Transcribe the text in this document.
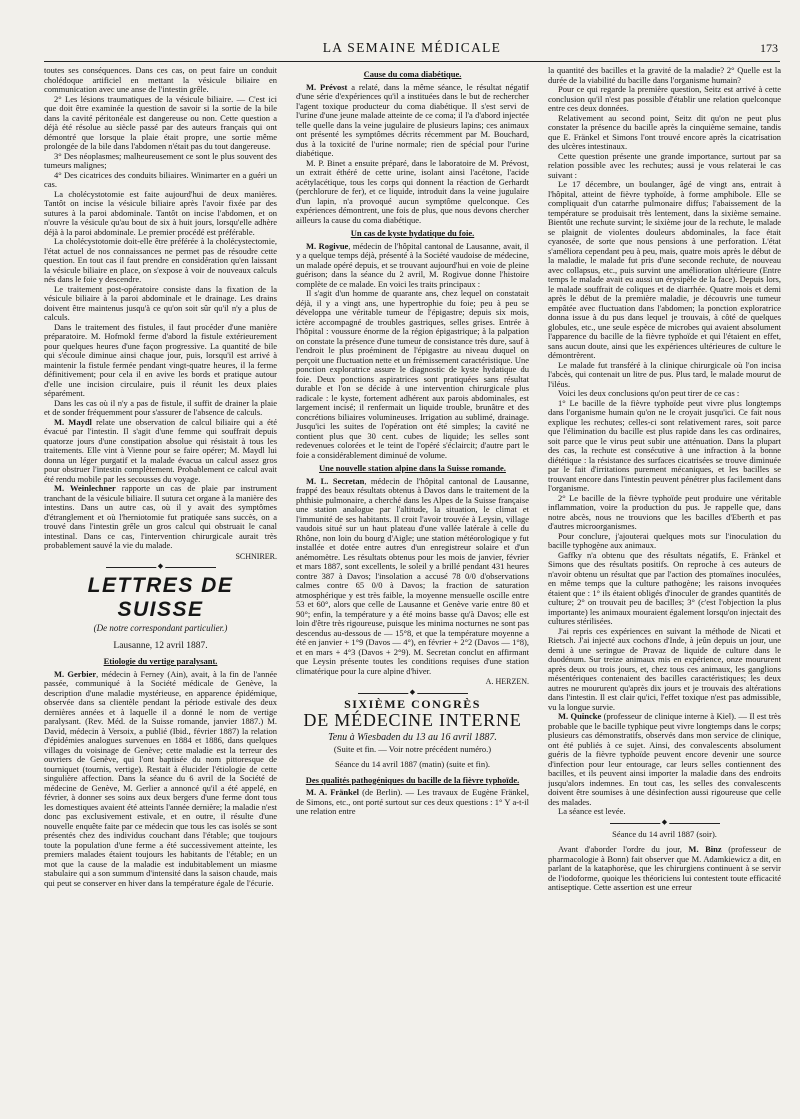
LA SEMAINE MÉDICALE	173

toutes ses conséquences. Dans ces cas, on peut faire un conduit cholédoque artificiel en mettant la vésicule biliaire en communication avec une anse de l'intestin grêle.

2° Les lésions traumatiques de la vésicule biliaire. — C'est ici que doit être examinée la question de savoir si la sortie de la bile dans la cavité péritonéale est dangereuse ou non. Cette question a déjà été résolue au siècle passé par des auteurs français qui ont démontré que lorsque la plaie était propre, une sortie même prolongée de la bile dans l'abdomen n'était pas du tout dangereuse.

3° Des néoplasmes; malheureusement ce sont le plus souvent des tumeurs malignes;

4° Des cicatrices des conduits biliaires. Winimarter en a guéri un cas.

La cholécystotomie est faite aujourd'hui de deux manières. Tantôt on incise la vésicule biliaire après l'avoir fixée par des sutures à la paroi abdominale. Tantôt on incise l'abdomen, et on n'ouvre la vésicule qu'au bout de six à huit jours, lorsqu'elle adhère déjà à la paroi abdominale. Le premier procédé est préférable.

La cholécystotomie doit-elle être préférée à la cholécystectomie, l'état actuel de nos connaissances ne permet pas de résoudre cette question. En tout cas il faut prendre en considération qu'en laissant la vésicule biliaire en place, on s'expose à voir de nouveaux calculs nés dans le foie y descendre.

Le traitement post-opératoire consiste dans la fixation de la vésicule biliaire à la paroi abdominale et le drainage. Les drains doivent être maintenus jusqu'à ce qu'on soit sûr qu'il n'y a plus de calculs.

Dans le traitement des fistules, il faut procéder d'une manière préparatoire. M. Hofmokl ferme d'abord la fistule extérieurement pour quelques heures d'une façon progressive. La quantité de bile qui s'écoule diminue ainsi chaque jour, puis, lorsqu'il est arrivé à maintenir la fistule fermée pendant vingt-quatre heures, il la ferme définitivement; pour cela il en avive les bords et pratique autour d'elle une incision circulaire, puis il réunit les deux plaies séparément.

Dans les cas où il n'y a pas de fistule, il suffit de drainer la plaie et de sonder fréquemment pour s'assurer de l'absence de calculs.

M. Maydl relate une observation de calcul biliaire qui a été évacué par l'intestin. Il s'agit d'une femme qui souffrait depuis quatorze jours d'une constipation absolue qui résistait à tous les traitements. Elle vint à Vienne pour se faire opérer; M. Maydl lui donna un léger purgatif et la malade évacua un calcul assez gros pour obstruer l'intestin complètement. Probablement ce calcul avait été rendu mobile par les secousses du voyage.

M. Weinlechner rapporte un cas de plaie par instrument tranchant de la vésicule biliaire. Il sutura cet organe à la manière des intestins. Dans un autre cas, où il y avait des symptômes d'étranglement et où l'herniotomie fut pratiquée sans succès, on a trouvé dans l'intestin grêle un gros calcul qui obstruait le canal intestinal. Dans ce cas, l'intervention chirurgicale aurait très probablement sauvé la vie du malade.

SCHNIRER.
◆
LETTRES DE SUISSE
(De notre correspondant particulier.)
Lausanne, 12 avril 1887.
Etiologie du vertige paralysant.

M. Gerbier, médecin à Ferney (Ain), avait, à la fin de l'année passée, communiqué à la Société médicale de Genève, la description d'une maladie mystérieuse, en apparence épidémique, observée dans sa clientèle pendant la période estivale des deux dernières années et à laquelle il a donné le nom de vertige paralysant. (Rev. Méd. de la Suisse romande, janvier 1887.) M. David, médecin à Versoix, a publié (Ibid., février 1887) la relation d'épidémies analogues survenues en 1884 et 1886, dans quelques villages du voisinage de Genève; cette maladie est la terreur des ouvriers de Genève, qui l'ont baptisée du nom pittoresque de tourniquet (tournis, vertige). Restait à élucider l'étiologie de cette singulière affection. Dans la séance du 6 avril de la Société de médecine de Genève, M. Gerlier a annoncé qu'il a été appelé, en février, à donner ses soins aux deux bergers d'une ferme dont tous les domestiques avaient été atteints l'année dernière; la maladie n'est donc pas exclusivement estivale, et en outre, il résulte d'une nouvelle enquête faite par ce médecin que tous les cas isolés se sont présentés chez des individus couchant dans l'étable; que toujours toute la population d'une ferme a été successivement atteinte, les premiers malades étaient toujours les habitants de l'étable; en un mot que la cause de la maladie est indubitablement un miasme stabulaire qui a son summum d'intensité dans la saison chaude, mais qui peut se conserver en hiver dans la température égale de l'écurie.

Cause du coma diabétique.

M. Prévost a relaté, dans la même séance, le résultat négatif d'une série d'expériences qu'il a instituées dans le but de rechercher l'agent toxique producteur du coma diabétique. Il s'est servi de l'urine d'une jeune malade atteinte de ce coma; il l'a d'abord injectée telle quelle dans la veine jugulaire de plusieurs lapins; ces animaux ont présenté les symptômes décrits récemment par M. Bouchard, dus à la toxicité de l'urine normale; rien de spécial pour l'urine diabétique.

M. P. Binet a ensuite préparé, dans le laboratoire de M. Prévost, un extrait éthéré de cette urine, isolant ainsi l'acétone, l'acide acétylacétique, tous les corps qui donnent la réaction de Gerhardt (perchlorure de fer), et ce liquide, introduit dans la veine jugulaire d'un lapin, n'a provoqué aucun symptôme quelconque. Ces expériences démontrent, une fois de plus, que nous devons chercher ailleurs la cause du coma diabétique.

Un cas de kyste hydatique du foie.

M. Rogivue, médecin de l'hôpital cantonal de Lausanne, avait, il y a quelque temps déjà, présenté à la Société vaudoise de médecine, un malade opéré depuis, et se trouvant aujourd'hui en voie de pleine guérison; dans la séance du 2 avril, M. Rogivue donne l'histoire complète de ce malade. En voici les traits principaux :

Il s'agit d'un homme de quarante ans, chez lequel on constatait déjà, il y a vingt ans, une hypertrophie du foie; peu à peu se développa une véritable tumeur de l'épigastre; depuis six mois, ictère accompagné de troubles gastriques, selles grises. Entrée à l'hôpital : voussure énorme de la région épigastrique; à la palpation on constate la présence d'une tumeur de consistance très dure, sauf à l'endroit le plus proéminent de l'épigastre au niveau duquel on perçoit une fluctuation nette et un frémissement caractéristique. Une ponction exploratrice assure le diagnostic de kyste hydatique du foie. Deux ponctions aspiratrices sont pratiquées sans résultat durable et l'on se décide à une intervention chirurgicale plus radicale : le kyste, fortement adhérent aux parois abdominales, est largement incisé; il renfermait un liquide trouble, brunâtre et des concrétions biliaires volumineuses. Irrigation au sublimé, drainage. Jusqu'ici les suites de l'opération ont été simples; la cavité ne contient plus que 30 cent. cubes de liquide; les selles sont redevenues colorées et le teint de l'opéré s'éclaircit; d'autre part le foie a considérablement diminué de volume.

Une nouvelle station alpine dans la Suisse romande.

M. L. Secretan, médecin de l'hôpital cantonal de Lausanne, frappé des beaux résultats obtenus à Davos dans le traitement de la phthisie pulmonaire, a cherché dans les Alpes de la Suisse française une station analogue par l'altitude, la situation, le climat et l'immunité de ses habitants. Il croit l'avoir trouvée à Leysin, village vaudois situé sur un haut plateau d'une vallée latérale à celle du Rhône, non loin du bourg d'Aigle; une station météorologique y fut installée et dotée entre autres d'un enregistreur solaire et d'un anémomètre. Les résultats obtenus pour les mois de janvier, février et mars 1887, sont excellents, le soleil y a brillé pendant 431 heures contre 387 à Davos; l'insolation a accusé 78 0/0 d'observations calmes contre 65 0/0 à Davos; la fraction de saturation atmosphérique y est très faible, la moyenne mensuelle oscille entre 53 et 60°, alors que celle de Lausanne et Genève varie entre 80 et 90°; enfin, la température y a été moins basse qu'à Davos; elle est loin d'être très rigoureuse, puisque les minima nocturnes ne sont pas descendus au-dessous de — 15°8, et que la température moyenne a été en janvier + 1°9 (Davos — 4°), en février + 2°2 (Davos — 1°8), et en mars + 4°3 (Davos + 2°9). M. Secretan conclut en affirmant que Leysin présente toutes les conditions requises d'une station climatérique pour la cure alpine d'hiver.

A. HERZEN.
◆
SIXIÈME CONGRÈS
DE MÉDECINE INTERNE
Tenu à Wiesbaden du 13 au 16 avril 1887.
(Suite et fin. — Voir notre précédent numéro.)
Séance du 14 avril 1887 (matin) (suite et fin).
Des qualités pathogéniques du bacille de la fièvre typhoïde.

M. A. Fränkel (de Berlin). — Les travaux de Eugène Fränkel, de Simons, etc., ont porté surtout sur ces deux questions : 1° Y a-t-il une relation entre

la quantité des bacilles et la gravité de la maladie? 2° Quelle est la durée de la viabilité du bacille dans l'organisme humain?

Pour ce qui regarde la première question, Seitz est arrivé à cette conclusion qu'il n'est pas possible d'établir une relation quelconque entre ces deux données.

Relativement au second point, Seitz dit qu'on ne peut plus constater la présence du bacille après la cinquième semaine, tandis que E. Fränkel et Simons l'ont trouvé encore après la cicatrisation des ulcères intestinaux.

Cette question présente une grande importance, surtout par sa relation possible avec les rechutes; aussi je vous relaterai le cas suivant :

Le 17 décembre, un boulanger, âgé de vingt ans, entrait à l'hôpital, atteint de fièvre typhoïde, à forme amphibole. Elle se compliquait d'un catarrhe pulmonaire diffus; l'abaissement de la température se produisait très lentement, dans la sixième semaine. Bientôt une rechute survint; le sixième jour de la rechute, le malade se plaignit de violentes douleurs abdominales, la face était cyanosée, de sorte que nous pensions à une perforation. L'état s'améliora cependant peu à peu, mais, quatre mois après le début de la maladie, le malade fut pris d'une seconde rechute, de nouveau avec collapsus, etc., puis survint une amélioration ultérieure (Entre temps le malade avait eu aussi un érysipèle de la face). Depuis lors, le malade souffrait de coliques et de diarrhée. Quatre mois et demi après le début de la première maladie, je découvris une tumeur empâtée avec fluctuation dans l'abdomen; la ponction exploratrice donna issue à du pus dans lequel je trouvais, à côté de quelques globules, etc., une seule espèce de microbes qui avaient absolument l'apparence du bacille de la fièvre typhoïde et qui l'étaient en effet, sans aucun doute, ainsi que les expériences ultérieures de culture le démontrèrent.

Le malade fut transféré à la clinique chirurgicale où l'on incisa l'abcès, qui contenait un litre de pus. Plus tard, le malade mourut de l'iléus.

Voici les deux conclusions qu'on peut tirer de ce cas :

1° Le bacille de la fièvre typhoïde peut vivre plus longtemps dans l'organisme humain qu'on ne le croyait jusqu'ici. Ce fait nous explique les rechutes; celles-ci sont relativement rares, soit parce que l'élimination du bacille est plus rapide dans les cas ordinaires, soit parce que le virus peut subir une atténuation. Dans la plupart des cas, la rechute est consécutive à une infraction à la bonne diététique : la résistance des surfaces cicatrisées se trouve diminuée par le fait d'irritations purement mécaniques, et les bacilles se trouvant encore dans l'intestin peuvent pénétrer plus facilement dans l'organisme.

2° Le bacille de la fièvre typhoïde peut produire une véritable inflammation, voire la production du pus. Je rappelle que, dans notre abcès, nous ne trouvions que les bacilles d'Eberth et pas d'autres microorganismes.

Pour conclure, j'ajouterai quelques mots sur l'inoculation du bacille typhogène aux animaux.

Gaffky n'a obtenu que des résultats négatifs, E. Fränkel et Simons que des résultats positifs. On reproche à ces auteurs de n'avoir obtenu un résultat que par l'action des ptomaïnes inoculées, en même temps que la culture pathogène; les raisons invoquées étaient que : 1° ils étaient obligés d'inoculer de grandes quantités de culture; 2° on trouvait peu de bacilles; 3° (c'est l'objection la plus importante) les animaux mouraient également lorsqu'on injectait des cultures stérilisées.

J'ai repris ces expériences en suivant la méthode de Nicati et Rietsch. J'ai injecté aux cochons d'Inde, à jeûn depuis un jour, une demi à une seringue de Pravaz de liquide de culture dans le duodénum. Sur treize animaux mis en expérience, onze moururent après deux ou trois jours, et, chez tous ces animaux, les ganglions mésentériques contenaient des bacilles caractéristiques; les deux autres ne moururent qu'après dix jours et je trouvais des altérations dans l'intestin. Il est clair qu'ici, l'effet toxique n'est pas admissible, vu la longue survie.

M. Quincke (professeur de clinique interne à Kiel). — Il est très probable que le bacille typhique peut vivre longtemps dans le corps; plusieurs cas démonstratifs, observés dans mon service de clinique, ont été publiés à ce sujet. Ainsi, des convalescents absolument guéris de la fièvre typhoïde peuvent encore devenir une source d'infection pour leur entourage, car leurs selles contiennent des bacilles, et ils peuvent ainsi importer la maladie dans des endroits jusqu'alors indemnes. En tout cas, les selles des convalescents doivent être soumises à une désinfection aussi rigoureuse que celle des malades.

La séance est levée.

◆
Séance du 14 avril 1887 (soir).

Avant d'aborder l'ordre du jour, M. Binz (professeur de pharmacologie à Bonn) fait observer que M. Adamkiewicz a dit, en parlant de la kataphorèse, que les chirurgiens continuent à se servir de l'iodoforme, quoique les théoriciens lui contestent toute efficacité antiseptique. Cette assertion est une erreur
